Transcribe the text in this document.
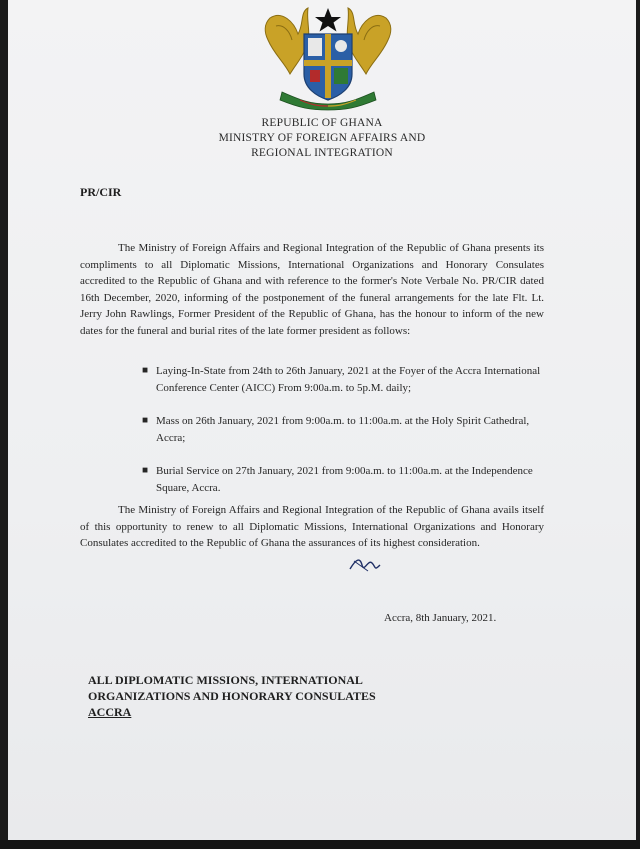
REPUBLIC OF GHANA
MINISTRY OF FOREIGN AFFAIRS AND
REGIONAL INTEGRATION
PR/CIR

The Ministry of Foreign Affairs and Regional Integration of the Republic of Ghana presents its compliments to all Diplomatic Missions, International Organizations and Honorary Consulates accredited to the Republic of Ghana and with reference to the former's Note Verbale No. PR/CIR dated 16th December, 2020, informing of the postponement of the funeral arrangements for the late Flt. Lt. Jerry John Rawlings, Former President of the Republic of Ghana, has the honour to inform of the new dates for the funeral and burial rites of the late former president as follows:

■ Laying-In-State from 24th to 26th January, 2021 at the Foyer of the Accra International Conference Center (AICC) From 9:00a.m. to 5p.M. daily;
■ Mass on 26th January, 2021 from 9:00a.m. to 11:00a.m. at the Holy Spirit Cathedral, Accra;
■ Burial Service on 27th January, 2021 from 9:00a.m. to 11:00a.m. at the Independence Square, Accra.

The Ministry of Foreign Affairs and Regional Integration of the Republic of Ghana avails itself of this opportunity to renew to all Diplomatic Missions, International Organizations and Honorary Consulates accredited to the Republic of Ghana the assurances of its highest consideration.

Accra, 8th January, 2021.
ALL DIPLOMATIC MISSIONS, INTERNATIONAL
ORGANIZATIONS AND HONORARY CONSULATES
ACCRA
